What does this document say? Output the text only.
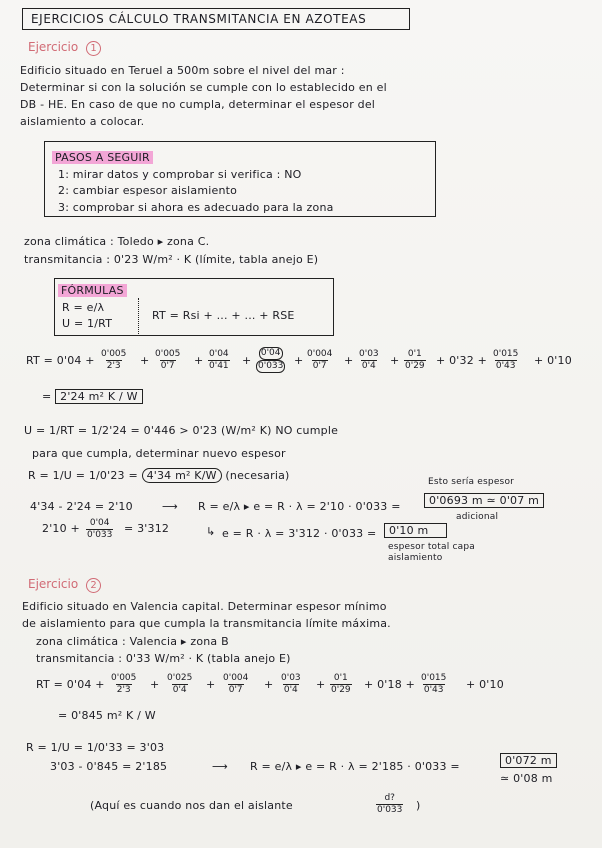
EJERCICIOS CÁLCULO TRANSMITANCIA EN AZOTEAS
Ejercicio 1
Edificio situado en Teruel a 500m sobre el nivel del mar :
Determinar si con la solución se cumple con lo establecido en el
DB - HE. En caso de que no cumpla, determinar el espesor del
aislamiento a colocar.
PASOS A SEGUIR
1: mirar datos y comprobar si verifica : NO
2: cambiar espesor aislamiento
3: comprobar si ahora es adecuado para la zona
zona climática : Toledo ▸ zona C.
transmitancia : 0'23 W/m² · K (límite, tabla anejo E)
FÓRMULAS
R = e/λ
U = 1/RT
RT = Rsi + ... + ... + RSE
RT = $0'04 + \frac{0'005}{2'3} + \frac{0'005}{0'7} + \frac{0'04}{0'41} + \frac{0'04}{0'033} + \frac{0'004}{0'7} + \frac{0'03}{0'4} + \frac{0'1}{0'29} + 0'32 + \frac{0'015}{0'43} + 0'10$
= 2'24 m² K / W
U = 1/RT = 1/2'24 = 0'446 > 0'23 (W/m² K) NO cumple
para que cumpla, determinar nuevo espesor
R = 1/U = 1/0'23 = 4'34 m² K/W (necesaria)	Esto sería espesor
4'34 - 2'24 = 2'10	⟶ R = e/λ ▸ e = R · λ = 2'10 · 0'033 =	0'0693 m ≃ 0'07 m
adicional
$2'10 + \frac{0'04}{0'033} = 3'312$	↳ e = R · λ = 3'312 · 0'033 =	0'10 m
espesor total capa
aislamiento
Ejercicio 2
Edificio situado en Valencia capital. Determinar espesor mínimo
de aislamiento para que cumpla la transmitancia límite máxima.
zona climática : Valencia ▸ zona B
transmitancia : 0'33 W/m² · K (tabla anejo E)
RT = $0'04 + \frac{0'005}{2'3} + \frac{0'025}{0'4} + \frac{0'004}{0'7} + \frac{0'03}{0'4} + \frac{0'1}{0'29} + 0'18 + \frac{0'015}{0'43} + 0'10$
= 0'845 m² K / W
R = 1/U = 1/0'33 = 3'03
3'03 - 0'845 = 2'185	⟶ R = e/λ ▸ e = R · λ = 2'185 · 0'033 =	0'072 m
≃ 0'08 m
(Aquí es cuando nos dan el aislante	$\frac{d?}{0'033}$ )
